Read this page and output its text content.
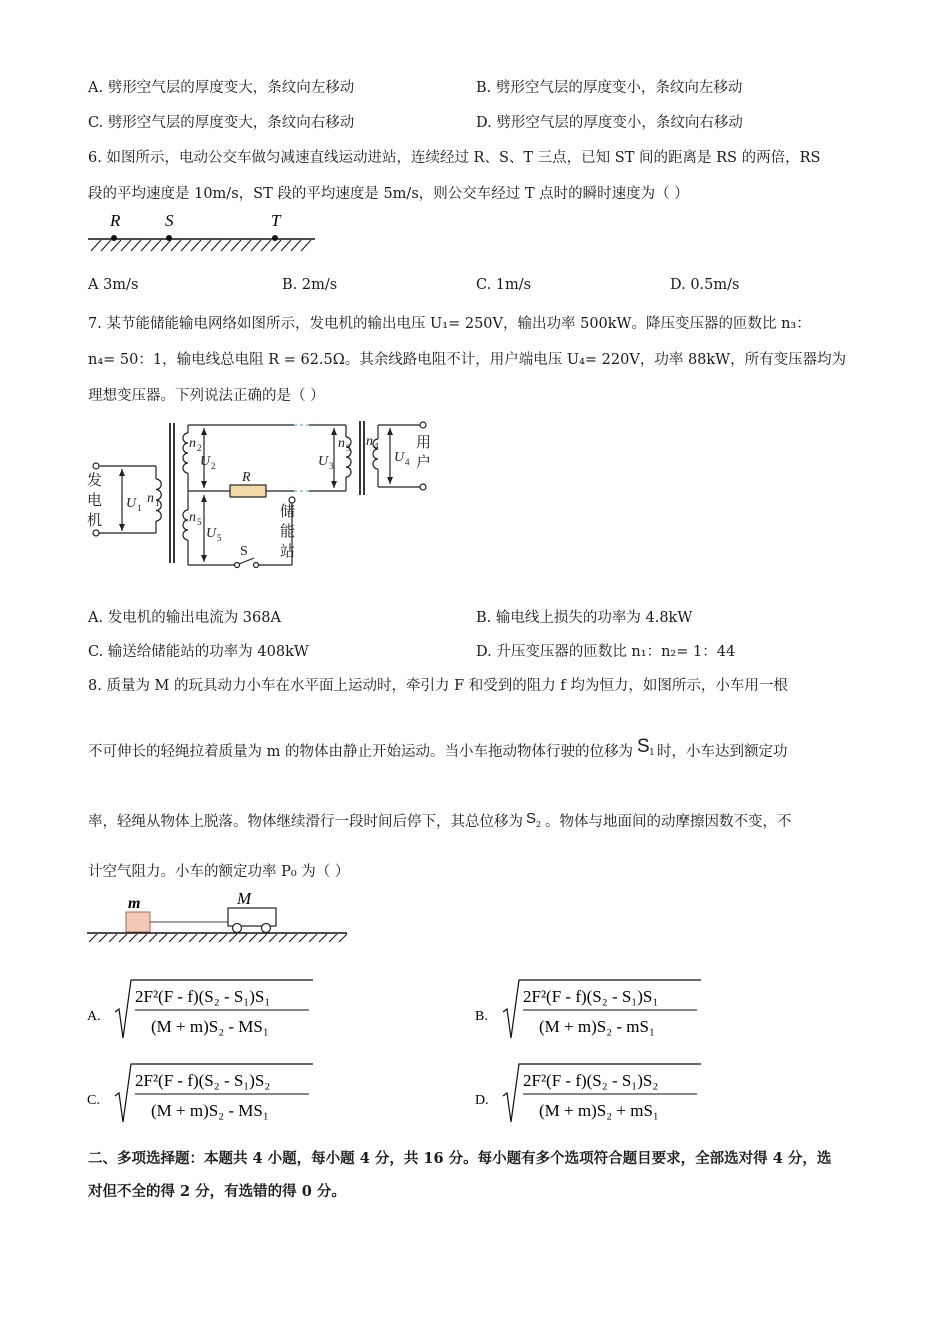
A. 劈形空气层的厚度变大，条纹向左移动	B. 劈形空气层的厚度变小，条纹向左移动
C. 劈形空气层的厚度变大，条纹向右移动	D. 劈形空气层的厚度变小，条纹向右移动
6. 如图所示，电动公交车做匀减速直线运动进站，连续经过 R、S、T 三点，已知 ST 间的距离是 RS 的两倍，RS
段的平均速度是 10m/s，ST 段的平均速度是 5m/s，则公交车经过 T 点时的瞬时速度为（ ）
R	S	T
A 3m/s	B. 2m/s	C. 1m/s	D. 0.5m/s
7. 某节能储能输电网络如图所示，发电机的输出电压 U₁= 250V，输出功率 500kW。降压变压器的匝数比 n₃：
n₄= 50：1，输电线总电阻 R = 62.5Ω。其余线路电阻不计，用户端电压 U₄= 220V，功率 88kW，所有变压器均为
理想变压器。下列说法正确的是（ ）
发
电
机
用
户
储
能
站
U 1
n 1
n 2
U 2
n 3
U 3
n 4
U 4
n 5
U 5
R
S
A. 发电机的输出电流为 368A	B. 输电线上损失的功率为 4.8kW
C. 输送给储能站的功率为 408kW	D. 升压变压器的匝数比 n₁：n₂= 1：44
8. 质量为 M 的玩具动力小车在水平面上运动时，牵引力 F 和受到的阻力 f 均为恒力，如图所示，小车用一根
不可伸长的轻绳拉着质量为 m 的物体由静止开始运动。当小车拖动物体行驶的位移为 S 1 时，小车达到额定功
率，轻绳从物体上脱落。物体继续滑行一段时间后停下，其总位移为 S 2 。物体与地面间的动摩擦因数不变，不
计空气阻力。小车的额定功率 P₀ 为（ ）
m	M
A.
2F²(F - f)(S₂ - S₁)S₁
(M + m)S₂ - MS₁
B.
2F²(F - f)(S₂ - S₁)S₁
(M + m)S₂ - mS₁
C.
2F²(F - f)(S₂ - S₁)S₂
(M + m)S₂ - MS₁
D.
2F²(F - f)(S₂ - S₁)S₂
(M + m)S₂ + mS₁
二、多项选择题：本题共 4 小题，每小题 4 分，共 16 分。每小题有多个选项符合题目要求，全部选对得 4 分，选
对但不全的得 2 分，有选错的得 0 分。
